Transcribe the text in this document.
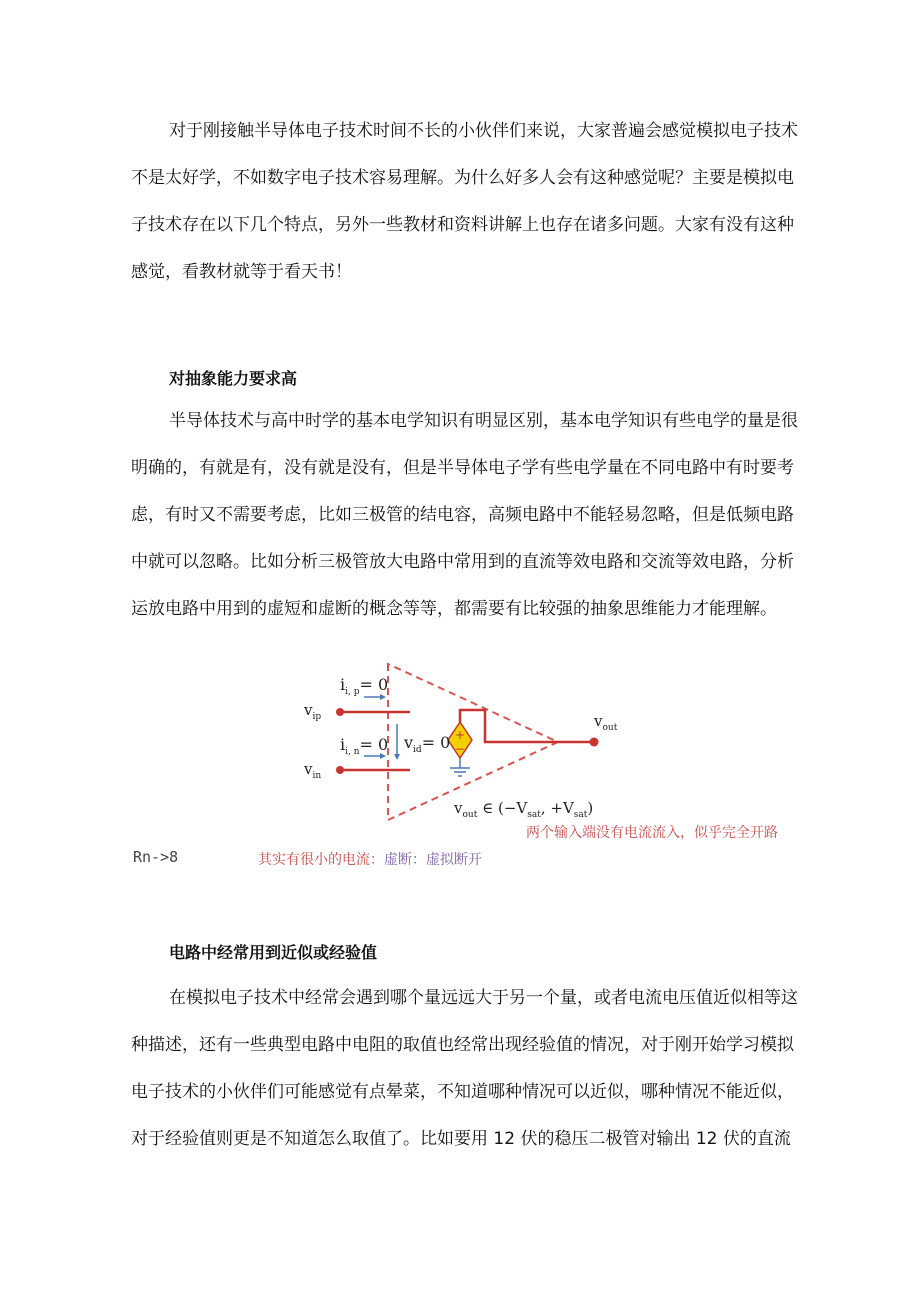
对于刚接触半导体电子技术时间不长的小伙伴们来说，大家普遍会感觉模拟电子技术
不是太好学，不如数字电子技术容易理解。为什么好多人会有这种感觉呢？主要是模拟电
子技术存在以下几个特点，另外一些教材和资料讲解上也存在诸多问题。大家有没有这种
感觉，看教材就等于看天书！
对抽象能力要求高
半导体技术与高中时学的基本电学知识有明显区别，基本电学知识有些电学的量是很
明确的，有就是有，没有就是没有，但是半导体电子学有些电学量在不同电路中有时要考
虑，有时又不需要考虑，比如三极管的结电容，高频电路中不能轻易忽略，但是低频电路
中就可以忽略。比如分析三极管放大电路中常用到的直流等效电路和交流等效电路，分析
运放电路中用到的虚短和虚断的概念等等，都需要有比较强的抽象思维能力才能理解。
+
−
$i_{i, p}= 0$
$v_{ip}$
$i_{i, n}= 0$
$v_{in}$
$v_{id}= 0$
$v_{out}$
$v_{out}$ ∈ ($-V_{sat}$, $+V_{sat}$)
两个输入端没有电流流入，似乎完全开路
Rn->8	其实有很小的电流：虚断：虚拟断开
电路中经常用到近似或经验值
在模拟电子技术中经常会遇到哪个量远远大于另一个量，或者电流电压值近似相等这
种描述，还有一些典型电路中电阻的取值也经常出现经验值的情况，对于刚开始学习模拟
电子技术的小伙伴们可能感觉有点晕菜，不知道哪种情况可以近似，哪种情况不能近似，
对于经验值则更是不知道怎么取值了。比如要用 12 伏的稳压二极管对输出 12 伏的直流
